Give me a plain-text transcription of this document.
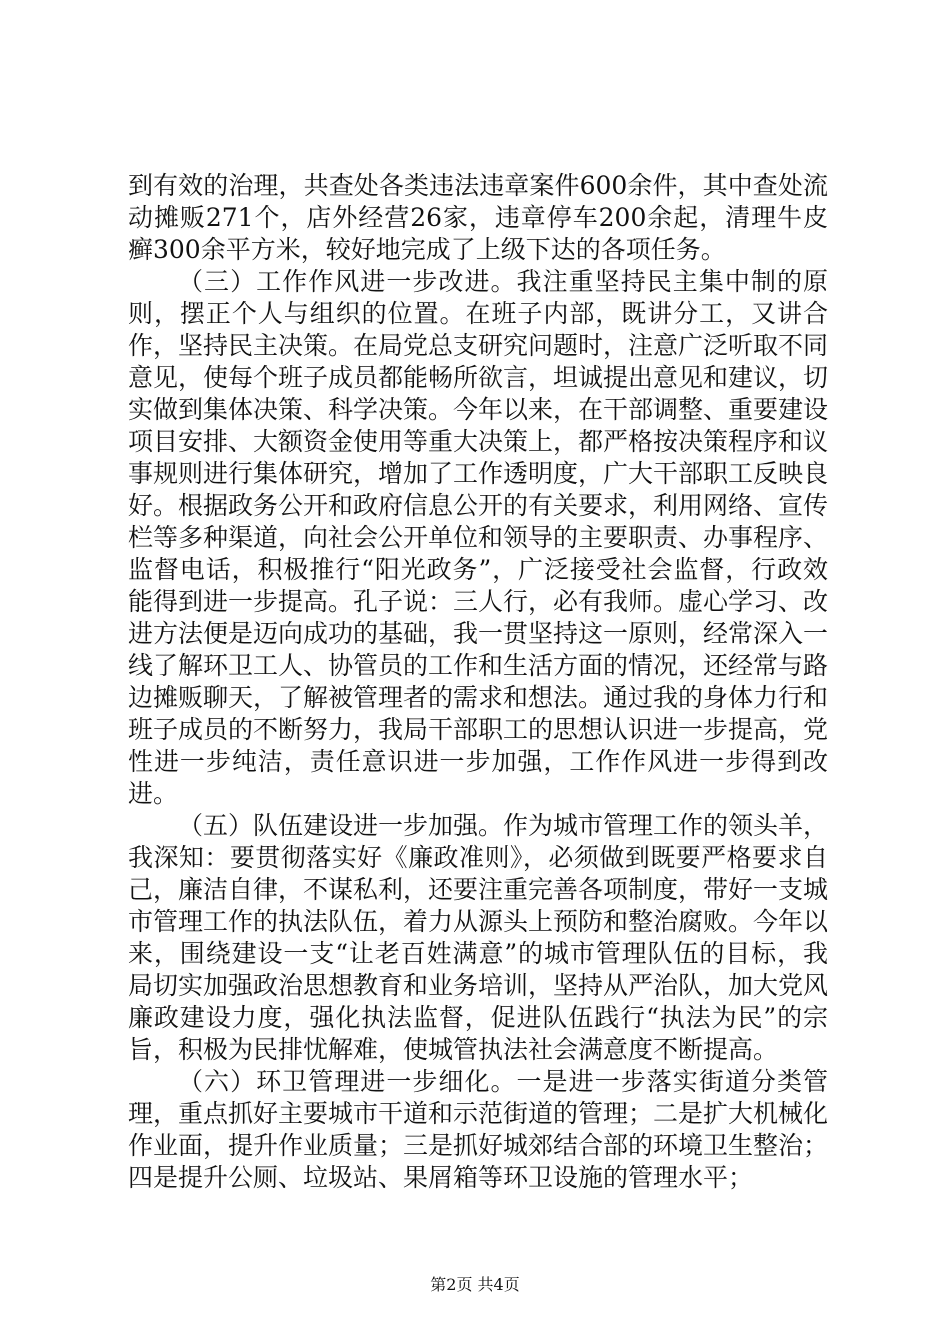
到有效的治理，共查处各类违法违章案件600余件，其中查处流动摊贩271个，店外经营26家，违章停车200余起，清理牛皮癣300余平方米，较好地完成了上级下达的各项任务。

（三）工作作风进一步改进。我注重坚持民主集中制的原则，摆正个人与组织的位置。在班子内部，既讲分工，又讲合作，坚持民主决策。在局党总支研究问题时，注意广泛听取不同意见，使每个班子成员都能畅所欲言，坦诚提出意见和建议，切实做到集体决策、科学决策。今年以来，在干部调整、重要建设项目安排、大额资金使用等重大决策上，都严格按决策程序和议事规则进行集体研究，增加了工作透明度，广大干部职工反映良好。根据政务公开和政府信息公开的有关要求，利用网络、宣传栏等多种渠道，向社会公开单位和领导的主要职责、办事程序、监督电话，积极推行“阳光政务”，广泛接受社会监督，行政效能得到进一步提高。孔子说：三人行，必有我师。虚心学习、改进方法便是迈向成功的基础，我一贯坚持这一原则，经常深入一线了解环卫工人、协管员的工作和生活方面的情况，还经常与路边摊贩聊天，了解被管理者的需求和想法。通过我的身体力行和班子成员的不断努力，我局干部职工的思想认识进一步提高，党性进一步纯洁，责任意识进一步加强，工作作风进一步得到改进。

（五）队伍建设进一步加强。作为城市管理工作的领头羊，我深知：要贯彻落实好《廉政准则》，必须做到既要严格要求自己，廉洁自律，不谋私利，还要注重完善各项制度，带好一支城市管理工作的执法队伍，着力从源头上预防和整治腐败。今年以来，围绕建设一支“让老百姓满意”的城市管理队伍的目标，我局切实加强政治思想教育和业务培训，坚持从严治队，加大党风廉政建设力度，强化执法监督，促进队伍践行“执法为民”的宗旨，积极为民排忧解难，使城管执法社会满意度不断提高。

（六）环卫管理进一步细化。一是进一步落实街道分类管理，重点抓好主要城市干道和示范街道的管理；二是扩大机械化作业面，提升作业质量；三是抓好城郊结合部的环境卫生整治；四是提升公厕、垃圾站、果屑箱等环卫设施的管理水平；

第2页 共4页
